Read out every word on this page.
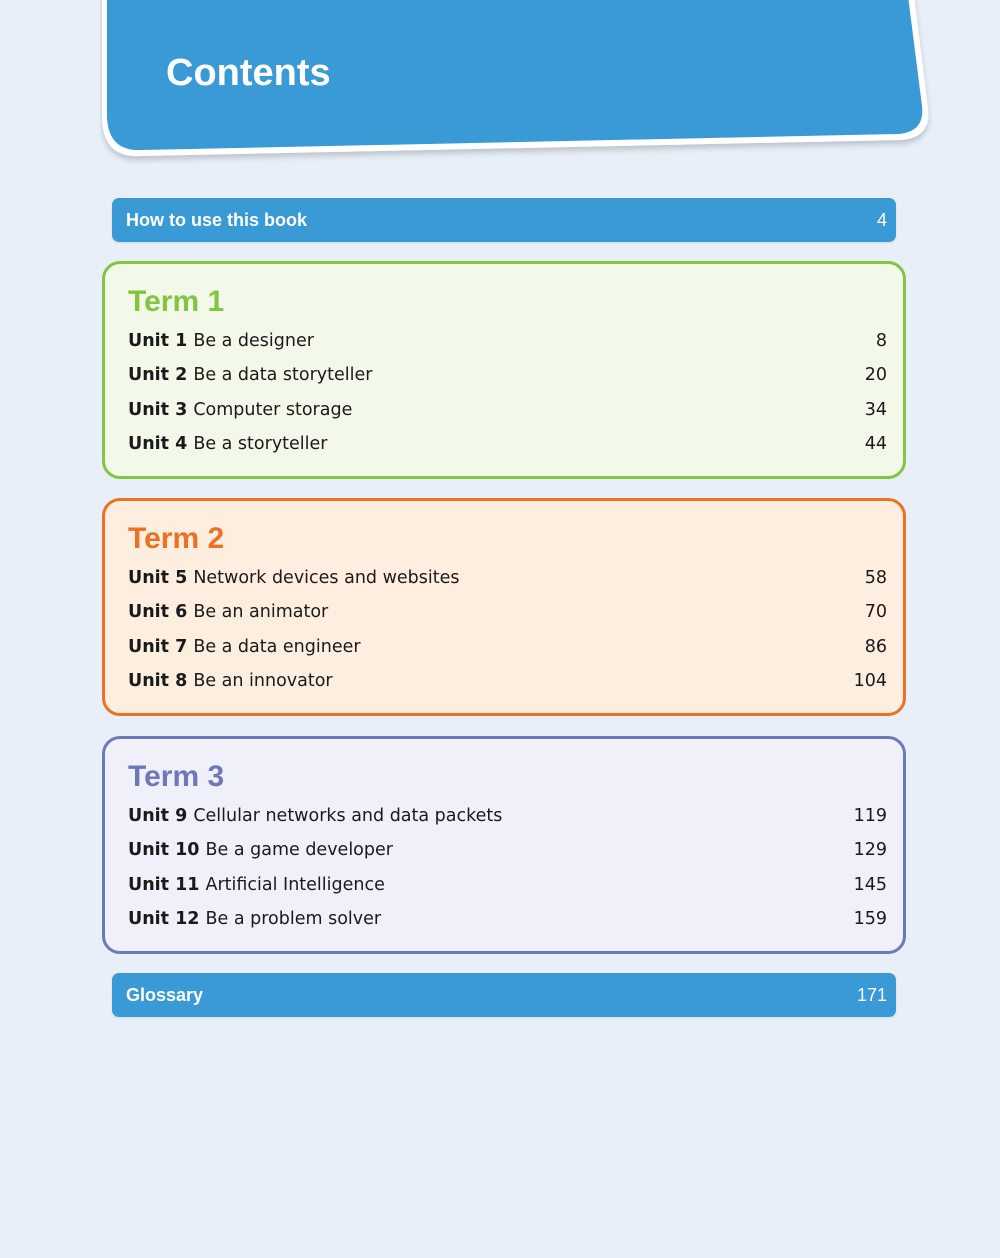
Contents
How to use this book	4
Term 1
Unit 1 Be a designer	8
Unit 2 Be a data storyteller	20
Unit 3 Computer storage	34
Unit 4 Be a storyteller	44
Term 2
Unit 5 Network devices and websites	58
Unit 6 Be an animator	70
Unit 7 Be a data engineer	86
Unit 8 Be an innovator	104
Term 3
Unit 9 Cellular networks and data packets	119
Unit 10 Be a game developer	129
Unit 11 Artificial Intelligence	145
Unit 12 Be a problem solver	159
Glossary	171
